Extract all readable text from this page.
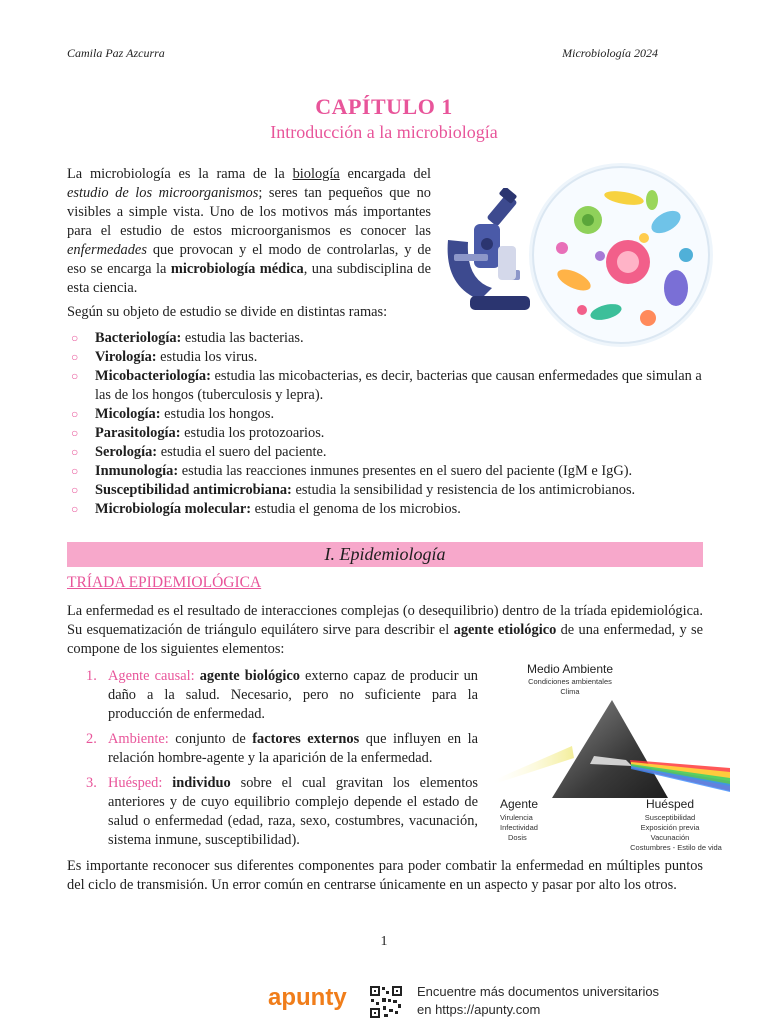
Camila Paz Azcurra	Microbiología 2024
CAPÍTULO 1
Introducción a la microbiología
La microbiología es la rama de la biología encargada del estudio de los microorganismos; seres tan pequeños que no visibles a simple vista. Uno de los motivos más importantes para el estudio de estos microorganismos es conocer las enfermedades que provocan y el modo de controlarlas, y de eso se encarga la microbiología médica, una subdisciplina de esta ciencia.
Según su objeto de estudio se divide en distintas ramas:
○ Bacteriología: estudia las bacterias.
○ Virología: estudia los virus.
○ Micobacteriología: estudia las micobacterias, es decir, bacterias que causan enfermedades que simulan a las de los hongos (tuberculosis y lepra).
○ Micología: estudia los hongos.
○ Parasitología: estudia los protozoarios.
○ Serología: estudia el suero del paciente.
○ Inmunología: estudia las reacciones inmunes presentes en el suero del paciente (IgM e IgG).
○ Susceptibilidad antimicrobiana: estudia la sensibilidad y resistencia de los antimicrobianos.
○ Microbiología molecular: estudia el genoma de los microbios.
I. Epidemiología
TRÍADA EPIDEMIOLÓGICA
La enfermedad es el resultado de interacciones complejas (o desequilibrio) dentro de la tríada epidemiológica. Su esquematización de triángulo equilátero sirve para describir el agente etiológico de una enfermedad, y se compone de los siguientes elementos:
1. Agente causal: agente biológico externo capaz de producir un daño a la salud. Necesario, pero no suficiente para la producción de enfermedad.
2. Ambiente: conjunto de factores externos que influyen en la relación hombre-agente y la aparición de la enfermedad.
3. Huésped: individuo sobre el cual gravitan los elementos anteriores y de cuyo equilibrio complejo depende el estado de salud o enfermedad (edad, raza, sexo, costumbres, vacunación, sistema inmune, susceptibilidad).
Medio Ambiente
Condiciones ambientales
Clima
Agente
Virulencia
Infectividad
Dosis
Huésped
Susceptibilidad
Exposición previa
Vacunación
Costumbres - Estilo de vida
Es importante reconocer sus diferentes componentes para poder combatir la enfermedad en múltiples puntos del ciclo de transmisión. Un error común en centrarse únicamente en un aspecto y pasar por alto los otros.
1
apunty	Encuentre más documentos universitarios
en https://apunty.com
